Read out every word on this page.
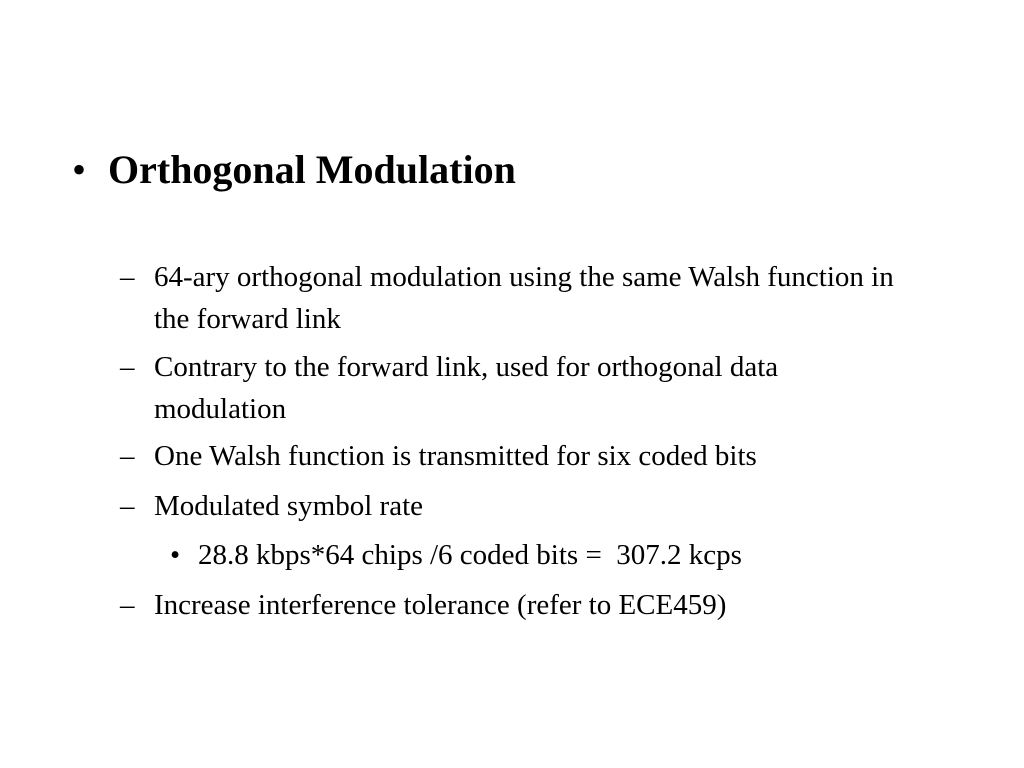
• Orthogonal Modulation
– 64-ary orthogonal modulation using the same Walsh function in the forward link
– Contrary to the forward link, used for orthogonal data modulation
– One Walsh function is transmitted for six coded bits
– Modulated symbol rate
• 28.8 kbps*64 chips /6 coded bits =  307.2 kcps
– Increase interference tolerance (refer to ECE459)
